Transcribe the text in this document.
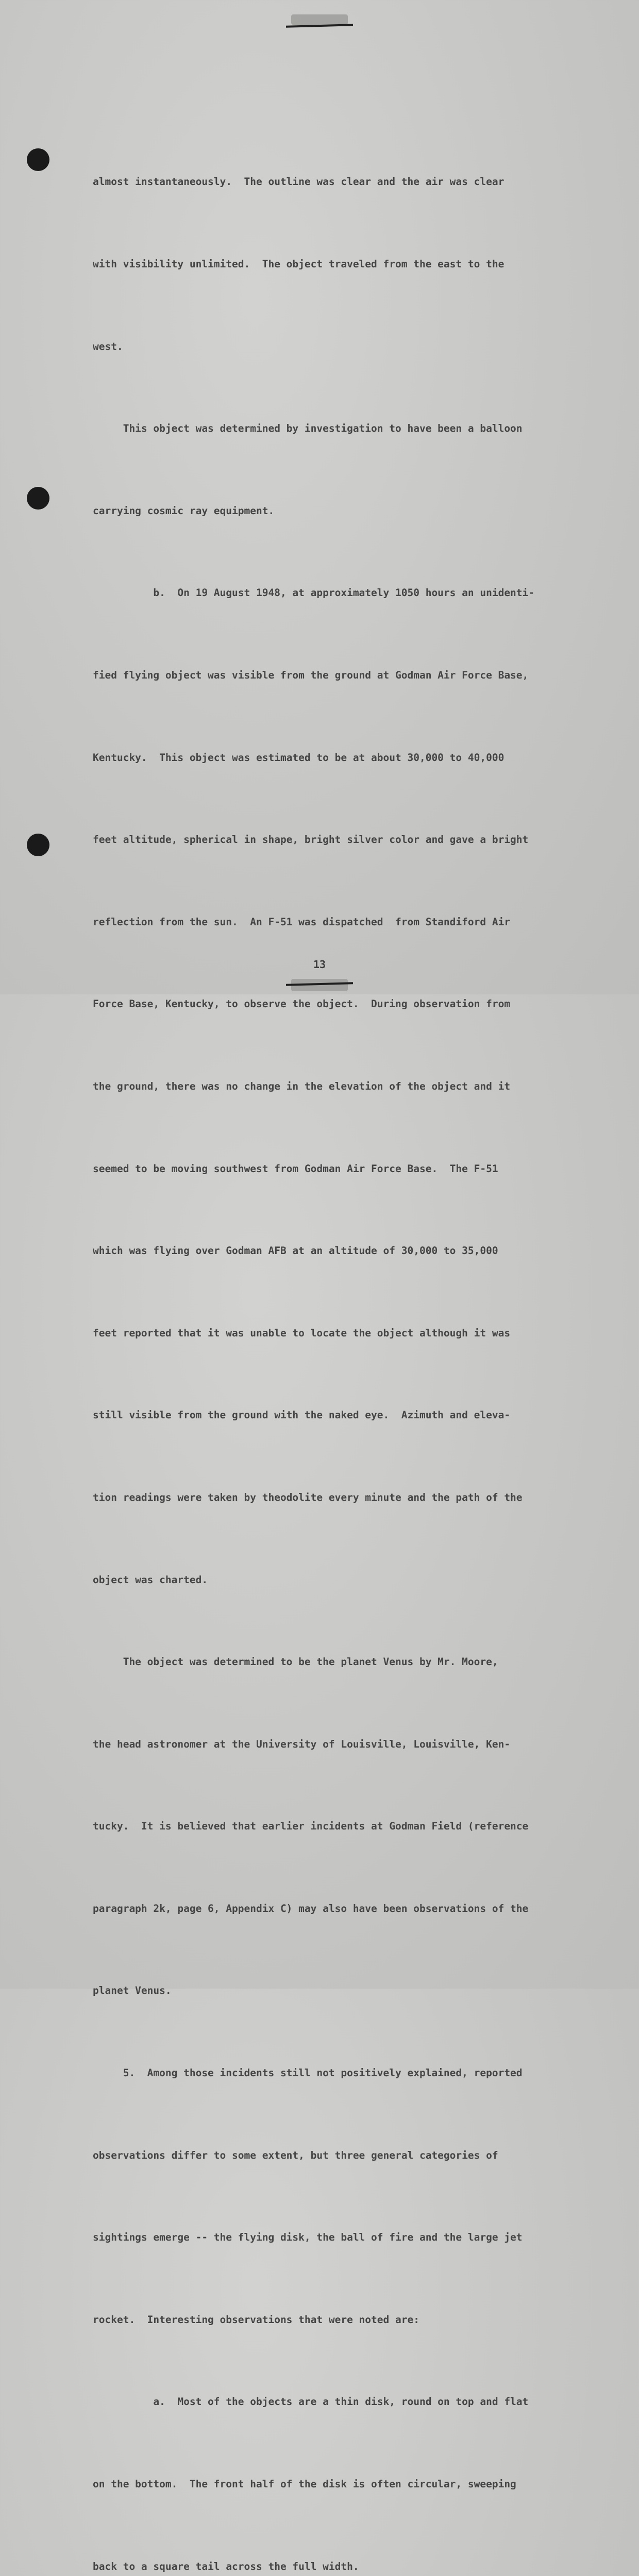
almost instantaneously.  The outline was clear and the air was clear

with visibility unlimited.  The object traveled from the east to the

west.

This object was determined by investigation to have been a balloon

carrying cosmic ray equipment.

b.  On 19 August 1948, at approximately 1050 hours an unidenti-

fied flying object was visible from the ground at Godman Air Force Base,

Kentucky.  This object was estimated to be at about 30,000 to 40,000

feet altitude, spherical in shape, bright silver color and gave a bright

reflection from the sun.  An F-51 was dispatched  from Standiford Air

Force Base, Kentucky, to observe the object.  During observation from

the ground, there was no change in the elevation of the object and it

seemed to be moving southwest from Godman Air Force Base.  The F-51

which was flying over Godman AFB at an altitude of 30,000 to 35,000

feet reported that it was unable to locate the object although it was

still visible from the ground with the naked eye.  Azimuth and eleva-

tion readings were taken by theodolite every minute and the path of the

object was charted.

The object was determined to be the planet Venus by Mr. Moore,

the head astronomer at the University of Louisville, Louisville, Ken-

tucky.  It is believed that earlier incidents at Godman Field (reference

paragraph 2k, page 6, Appendix C) may also have been observations of the

planet Venus.

5.  Among those incidents still not positively explained, reported

observations differ to some extent, but three general categories of

sightings emerge -- the flying disk, the ball of fire and the large jet

rocket.  Interesting observations that were noted are:

a.  Most of the objects are a thin disk, round on top and flat

on the bottom.  The front half of the disk is often circular, sweeping

back to a square tail across the full width.

13
